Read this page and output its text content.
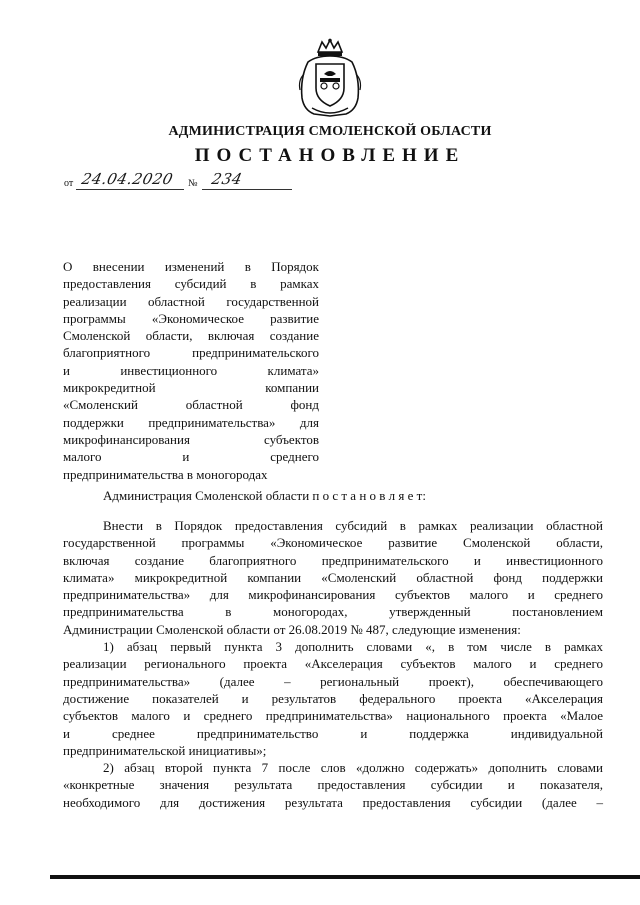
АДМИНИСТРАЦИЯ СМОЛЕНСКОЙ ОБЛАСТИ
ПОСТАНОВЛЕНИЕ
от 24.04.2020 № 234
О внесении изменений в Порядок
предоставления субсидий в рамках
реализации областной государственной
программы «Экономическое развитие
Смоленской области, включая создание
благоприятного предпринимательского
и инвестиционного климата»
микрокредитной компании
«Смоленский областной фонд
поддержки предпринимательства» для
микрофинансирования субъектов
малого и среднего
предпринимательства в моногородах
Администрация Смоленской области п о с т а н о в л я е т:
Внести в Порядок предоставления субсидий в рамках реализации областной
государственной программы «Экономическое развитие Смоленской области,
включая создание благоприятного предпринимательского и инвестиционного
климата» микрокредитной компании «Смоленский областной фонд поддержки
предпринимательства» для микрофинансирования субъектов малого и среднего
предпринимательства в моногородах, утвержденный постановлением
Администрации Смоленской области от 26.08.2019 № 487, следующие изменения:
1) абзац первый пункта 3 дополнить словами «, в том числе в рамках
реализации регионального проекта «Акселерация субъектов малого и среднего
предпринимательства» (далее – региональный проект), обеспечивающего
достижение показателей и результатов федерального проекта «Акселерация
субъектов малого и среднего предпринимательства» национального проекта «Малое
и среднее предпринимательство и поддержка индивидуальной
предпринимательской инициативы»;
2) абзац второй пункта 7 после слов «должно содержать» дополнить словами
«конкретные значения результата предоставления субсидии и показателя,
необходимого для достижения результата предоставления субсидии (далее –
